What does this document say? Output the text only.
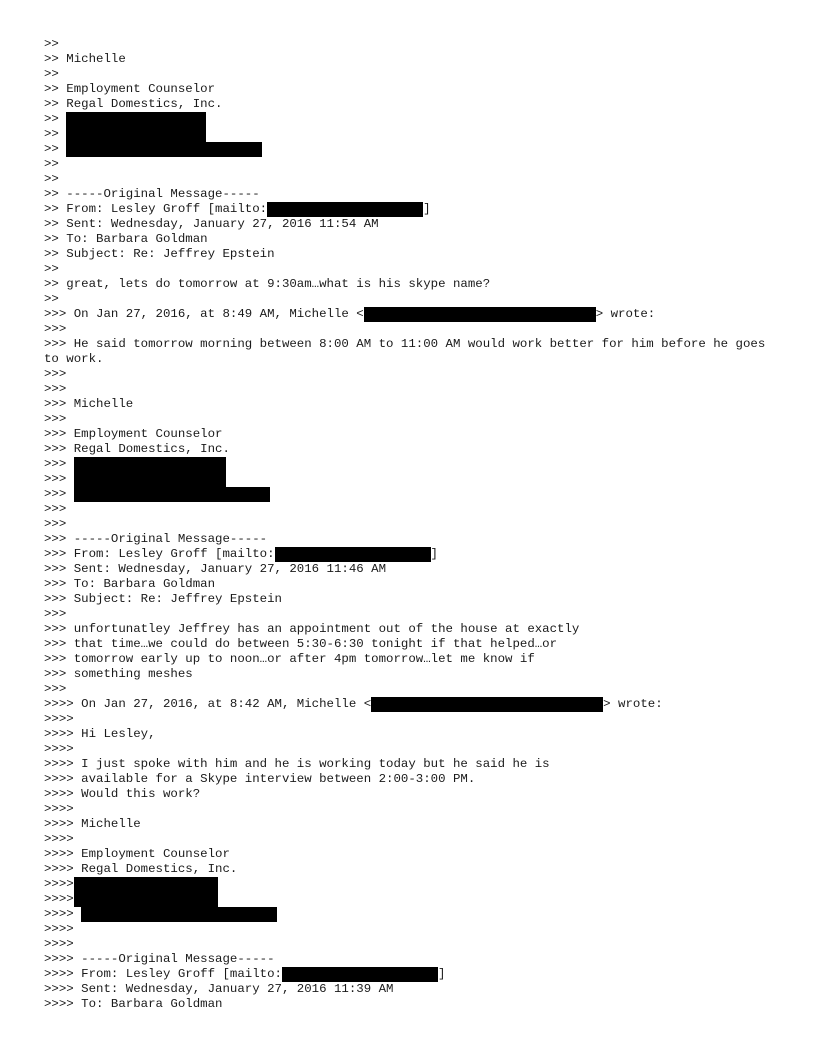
>>
>> Michelle
>>
>> Employment Counselor
>> Regal Domestics, Inc.
>>
>>
>>
>>
>>
>> -----Original Message-----
>> From: Lesley Groff [mailto:	]
>> Sent: Wednesday, January 27, 2016 11:54 AM
>> To: Barbara Goldman
>> Subject: Re: Jeffrey Epstein
>>
>> great, lets do tomorrow at 9:30am…what is his skype name?
>>
>>> On Jan 27, 2016, at 8:49 AM, Michelle <	> wrote:
>>>
>>> He said tomorrow morning between 8:00 AM to 11:00 AM would work better for him before he goes to work.
>>>
>>>
>>> Michelle
>>>
>>> Employment Counselor
>>> Regal Domestics, Inc.
>>>
>>>
>>>
>>>
>>>
>>> -----Original Message-----
>>> From: Lesley Groff [mailto:	]
>>> Sent: Wednesday, January 27, 2016 11:46 AM
>>> To: Barbara Goldman
>>> Subject: Re: Jeffrey Epstein
>>>
>>> unfortunatley Jeffrey has an appointment out of the house at exactly
>>> that time…we could do between 5:30-6:30 tonight if that helped…or
>>> tomorrow early up to noon…or after 4pm tomorrow…let me know if
>>> something meshes
>>>
>>>> On Jan 27, 2016, at 8:42 AM, Michelle <	> wrote:
>>>>
>>>> Hi Lesley,
>>>>
>>>> I just spoke with him and he is working today but he said he is
>>>> available for a Skype interview between 2:00-3:00 PM.
>>>> Would this work?
>>>>
>>>> Michelle
>>>>
>>>> Employment Counselor
>>>> Regal Domestics, Inc.
>>>>
>>>>
>>>>
>>>>
>>>>
>>>> -----Original Message-----
>>>> From: Lesley Groff [mailto:	]
>>>> Sent: Wednesday, January 27, 2016 11:39 AM
>>>> To: Barbara Goldman
